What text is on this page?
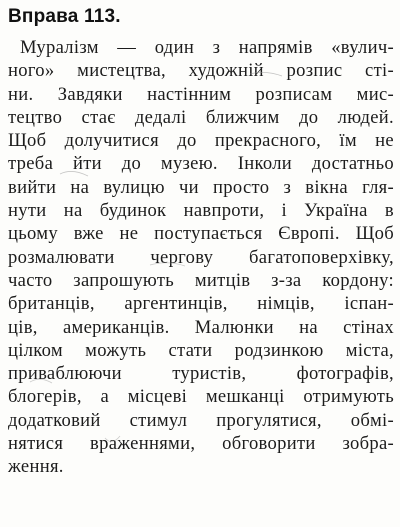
Вправа 113.
Муралізм — один з напрямів «вулич-
ного» мистецтва, художній розпис сті-
ни. Завдяки настінним розписам мис-
тецтво стає дедалі ближчим до людей.
Щоб долучитися до прекрасного, їм не
треба йти до музею. Інколи достатньо
вийти на вулицю чи просто з вікна гля-
нути на будинок навпроти, і Україна в
цьому вже не поступається Європі. Щоб
розмалювати чергову багатоповерхівку,
часто запрошують митців з-за кордону:
британців, аргентинців, німців, іспан-
ців, американців. Малюнки на стінах
цілком можуть стати родзинкою міста,
приваблюючи туристів, фотографів,
блогерів, а місцеві мешканці отримують
додатковий стимул прогулятися, обмі-
нятися враженнями, обговорити зобра-
ження.
